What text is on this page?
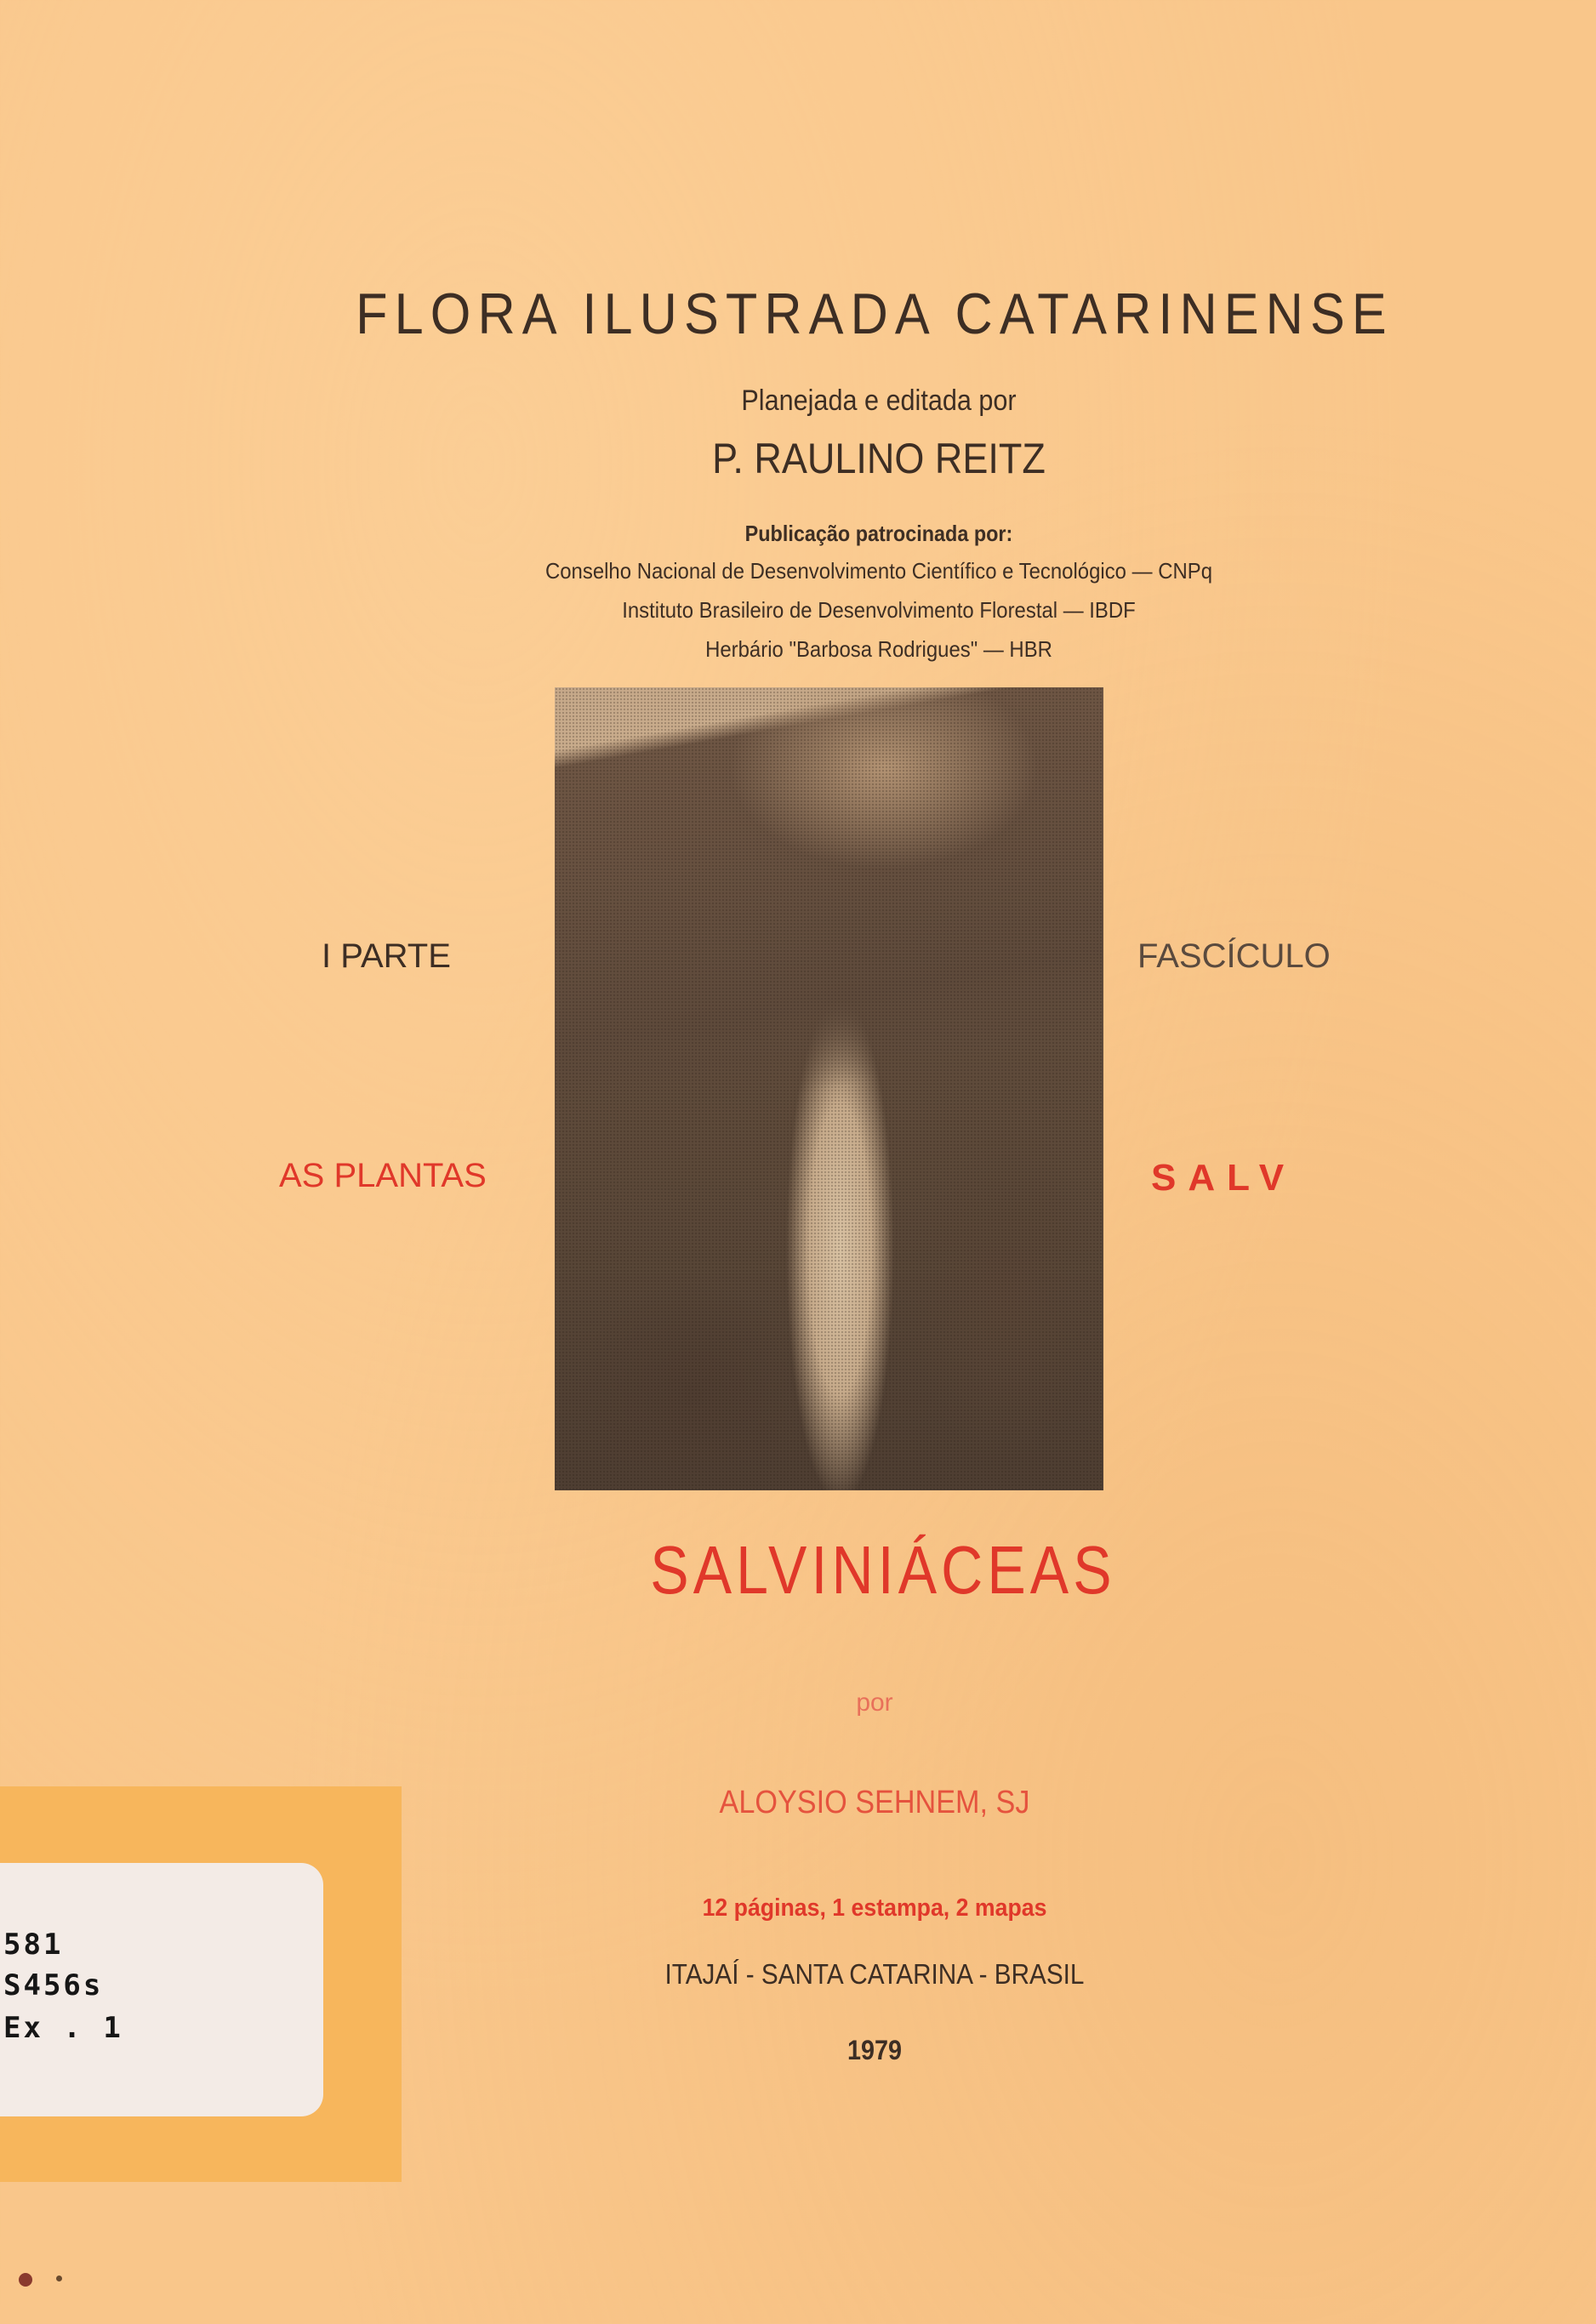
FLORA ILUSTRADA CATARINENSE
Planejada e editada por
P. RAULINO REITZ
Publicação patrocinada por:
Conselho Nacional de Desenvolvimento Científico e Tecnológico — CNPq
Instituto Brasileiro de Desenvolvimento Florestal — IBDF
Herbário "Barbosa Rodrigues" — HBR
I PARTE
AS PLANTAS
FASCÍCULO
SALV
SALVINIÁCEAS
por
ALOYSIO SEHNEM, SJ
12 páginas, 1 estampa, 2 mapas
ITAJAÍ - SANTA CATARINA - BRASIL
1979
581
S456s
Ex . 1
